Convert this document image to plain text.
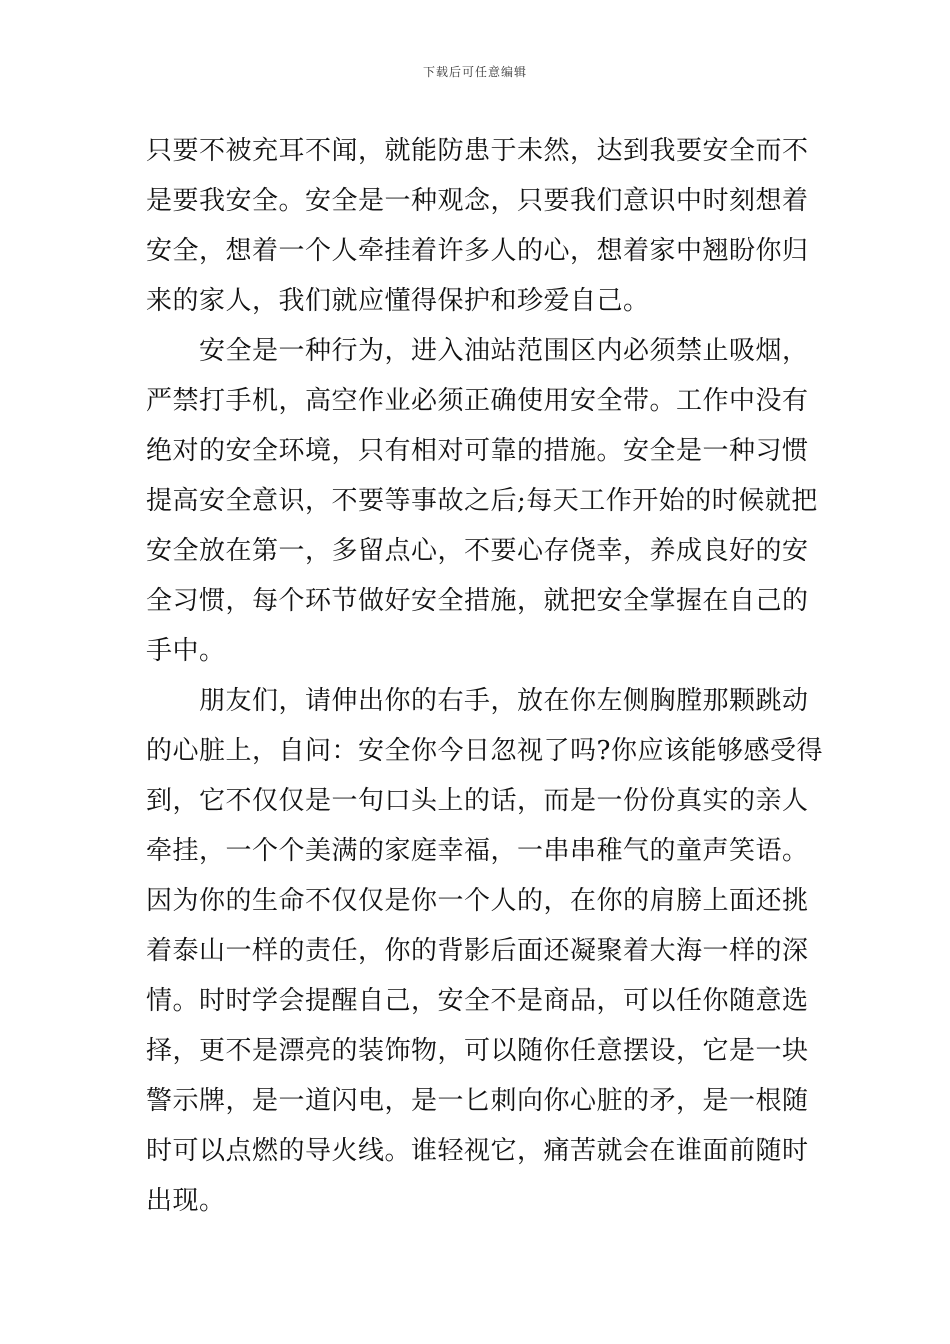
下载后可任意编辑
只要不被充耳不闻，就能防患于未然，达到我要安全而不
是要我安全。安全是一种观念，只要我们意识中时刻想着
安全，想着一个人牵挂着许多人的心，想着家中翘盼你归
来的家人，我们就应懂得保护和珍爱自己。
　　安全是一种行为，进入油站范围区内必须禁止吸烟，
严禁打手机，高空作业必须正确使用安全带。工作中没有
绝对的安全环境，只有相对可靠的措施。安全是一种习惯
提高安全意识，不要等事故之后;每天工作开始的时候就把
安全放在第一，多留点心，不要心存侥幸，养成良好的安
全习惯，每个环节做好安全措施，就把安全掌握在自己的
手中。
　　朋友们，请伸出你的右手，放在你左侧胸膛那颗跳动
的心脏上，自问：安全你今日忽视了吗?你应该能够感受得
到，它不仅仅是一句口头上的话，而是一份份真实的亲人
牵挂，一个个美满的家庭幸福，一串串稚气的童声笑语。
因为你的生命不仅仅是你一个人的，在你的肩膀上面还挑
着泰山一样的责任，你的背影后面还凝聚着大海一样的深
情。时时学会提醒自己，安全不是商品，可以任你随意选
择，更不是漂亮的装饰物，可以随你任意摆设，它是一块
警示牌，是一道闪电，是一匕刺向你心脏的矛，是一根随
时可以点燃的导火线。谁轻视它，痛苦就会在谁面前随时
出现。
